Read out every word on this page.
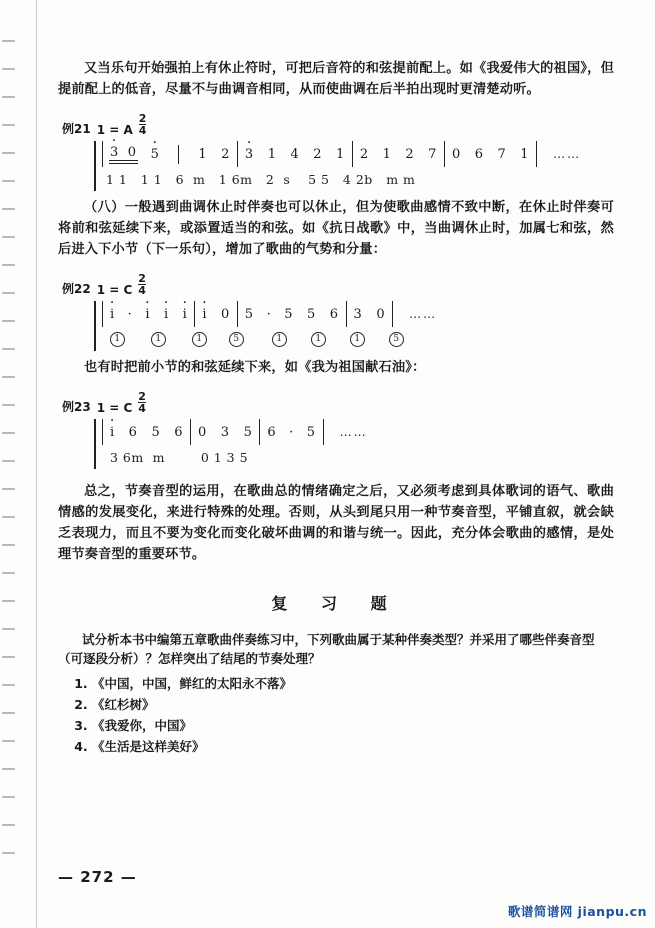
又当乐句开始强拍上有休止符时，可把后音符的和弦提前配上。如《我爱伟大的祖国》，但提前配上的低音，尽量不与曲调音相同，从而使曲调在后半拍出现时更清楚动听。

例21 1 = A $\frac{2}{4}$
· 3 0 · 5	1 2 · 3 1 4 2 1 2 1 2 7 0 6 7 1 ……
1 1   1 1   6  m   1 6m   2  s    5 5   4 2b   m m

（八）一般遇到曲调休止时伴奏也可以休止，但为使歌曲感情不致中断，在休止时伴奏可将前和弦延续下来，或添置适当的和弦。如《抗日战歌》中，当曲调休止时，加属七和弦，然后进入下小节（下一乐句），增加了歌曲的气势和分量：

例22 1 = C $\frac{2}{4}$
· i · · i · i · i · i 0 5 · 5 5 6 3 0 ……
1	1	1	5	1	1	1	5

也有时把前小节的和弦延续下来，如《我为祖国献石油》：

例23 1 = C $\frac{2}{4}$
· i 6 5 6 0 3 5 6 · 5 ……
3 6m  m        0 1 3 5

总之，节奏音型的运用，在歌曲总的情绪确定之后，又必须考虑到具体歌词的语气、歌曲情感的发展变化，来进行特殊的处理。否则，从头到尾只用一种节奏音型，平铺直叙，就会缺乏表现力，而且不要为变化而变化破坏曲调的和谐与统一。因此，充分体会歌曲的感情，是处理节奏音型的重要环节。

复 习 题

试分析本书中编第五章歌曲伴奏练习中，下列歌曲属于某种伴奏类型？并采用了哪些伴奏音型（可逐段分析）？怎样突出了结尾的节奏处理？

1. 《中国，中国，鲜红的太阳永不落》
2. 《红杉树》
3. 《我爱你，中国》
4. 《生活是这样美好》
— 272 —
歌谱简谱网 jianpu.cn
